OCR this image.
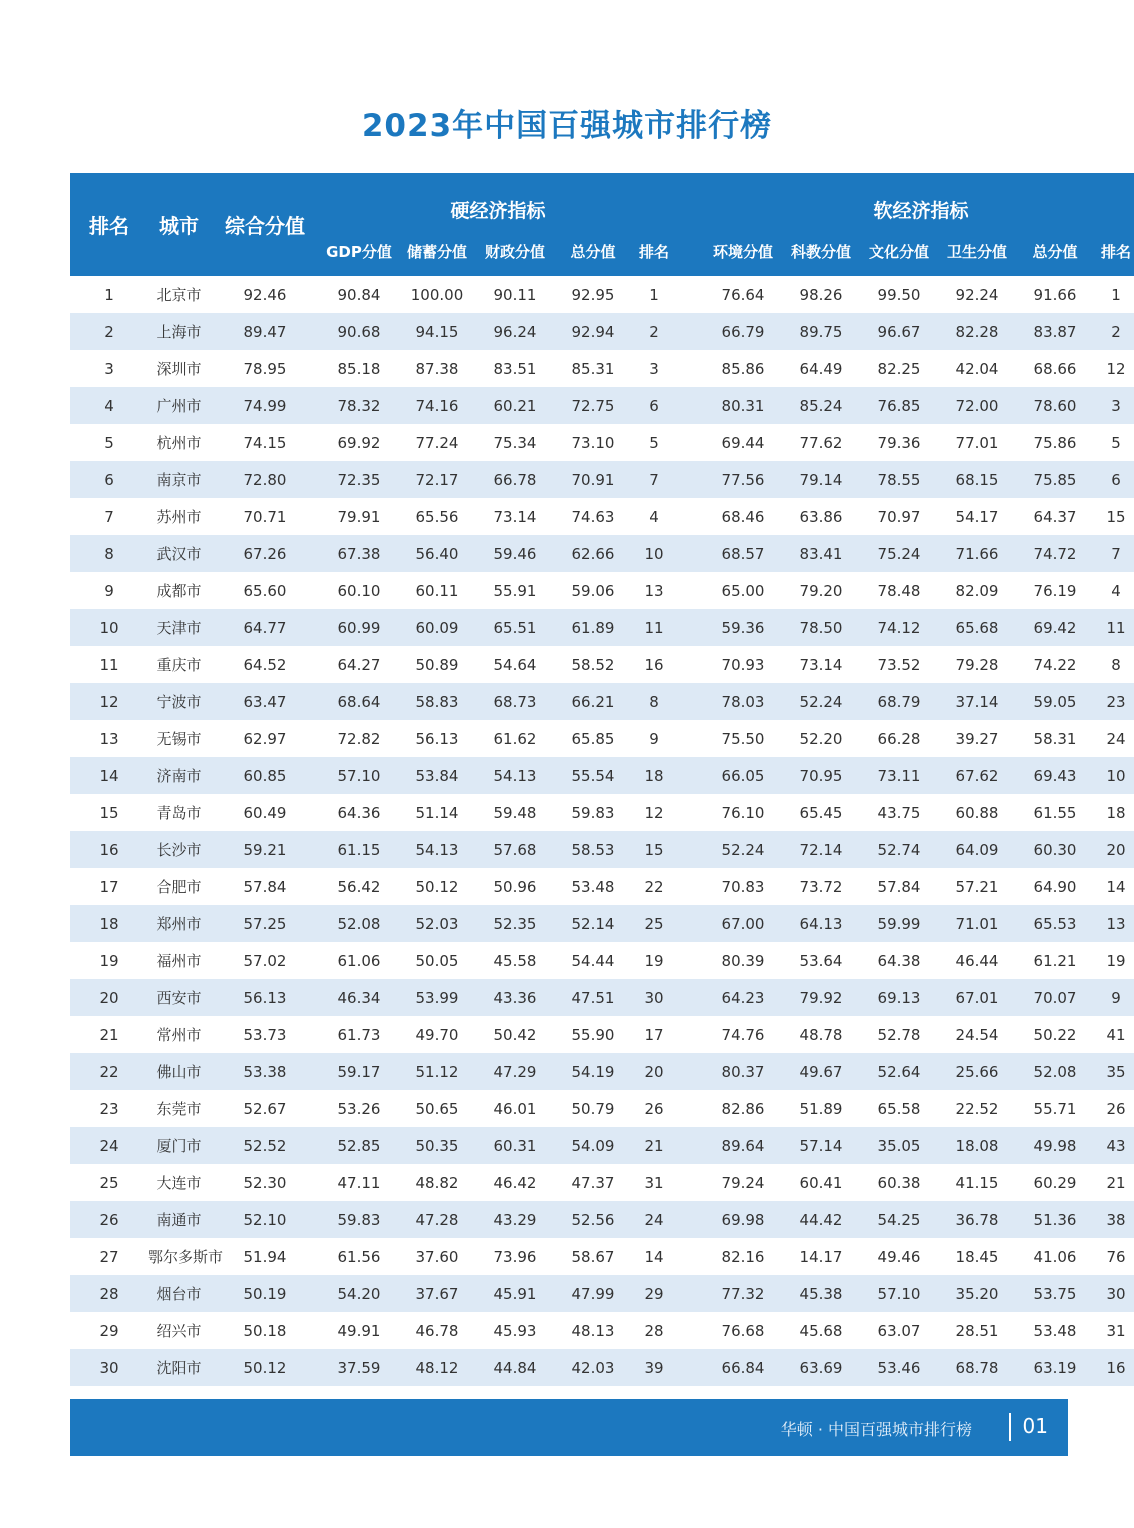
2023年中国百强城市排行榜
排名	城市	综合分值	硬经济指标						软经济指标					
			GDP分值	储蓄分值	财政分值	总分值	排名		环境分值	科教分值	文化分值	卫生分值	总分值	排名
1	北京市	92.46	90.84	100.00	90.11	92.95	1		76.64	98.26	99.50	92.24	91.66	1
2	上海市	89.47	90.68	94.15	96.24	92.94	2		66.79	89.75	96.67	82.28	83.87	2
3	深圳市	78.95	85.18	87.38	83.51	85.31	3		85.86	64.49	82.25	42.04	68.66	12
4	广州市	74.99	78.32	74.16	60.21	72.75	6		80.31	85.24	76.85	72.00	78.60	3
5	杭州市	74.15	69.92	77.24	75.34	73.10	5		69.44	77.62	79.36	77.01	75.86	5
6	南京市	72.80	72.35	72.17	66.78	70.91	7		77.56	79.14	78.55	68.15	75.85	6
7	苏州市	70.71	79.91	65.56	73.14	74.63	4		68.46	63.86	70.97	54.17	64.37	15
8	武汉市	67.26	67.38	56.40	59.46	62.66	10		68.57	83.41	75.24	71.66	74.72	7
9	成都市	65.60	60.10	60.11	55.91	59.06	13		65.00	79.20	78.48	82.09	76.19	4
10	天津市	64.77	60.99	60.09	65.51	61.89	11		59.36	78.50	74.12	65.68	69.42	11
11	重庆市	64.52	64.27	50.89	54.64	58.52	16		70.93	73.14	73.52	79.28	74.22	8
12	宁波市	63.47	68.64	58.83	68.73	66.21	8		78.03	52.24	68.79	37.14	59.05	23
13	无锡市	62.97	72.82	56.13	61.62	65.85	9		75.50	52.20	66.28	39.27	58.31	24
14	济南市	60.85	57.10	53.84	54.13	55.54	18		66.05	70.95	73.11	67.62	69.43	10
15	青岛市	60.49	64.36	51.14	59.48	59.83	12		76.10	65.45	43.75	60.88	61.55	18
16	长沙市	59.21	61.15	54.13	57.68	58.53	15		52.24	72.14	52.74	64.09	60.30	20
17	合肥市	57.84	56.42	50.12	50.96	53.48	22		70.83	73.72	57.84	57.21	64.90	14
18	郑州市	57.25	52.08	52.03	52.35	52.14	25		67.00	64.13	59.99	71.01	65.53	13
19	福州市	57.02	61.06	50.05	45.58	54.44	19		80.39	53.64	64.38	46.44	61.21	19
20	西安市	56.13	46.34	53.99	43.36	47.51	30		64.23	79.92	69.13	67.01	70.07	9
21	常州市	53.73	61.73	49.70	50.42	55.90	17		74.76	48.78	52.78	24.54	50.22	41
22	佛山市	53.38	59.17	51.12	47.29	54.19	20		80.37	49.67	52.64	25.66	52.08	35
23	东莞市	52.67	53.26	50.65	46.01	50.79	26		82.86	51.89	65.58	22.52	55.71	26
24	厦门市	52.52	52.85	50.35	60.31	54.09	21		89.64	57.14	35.05	18.08	49.98	43
25	大连市	52.30	47.11	48.82	46.42	47.37	31		79.24	60.41	60.38	41.15	60.29	21
26	南通市	52.10	59.83	47.28	43.29	52.56	24		69.98	44.42	54.25	36.78	51.36	38
27	鄂尔多斯市	51.94	61.56	37.60	73.96	58.67	14		82.16	14.17	49.46	18.45	41.06	76
28	烟台市	50.19	54.20	37.67	45.91	47.99	29		77.32	45.38	57.10	35.20	53.75	30
29	绍兴市	50.18	49.91	46.78	45.93	48.13	28		76.68	45.68	63.07	28.51	53.48	31
30	沈阳市	50.12	37.59	48.12	44.84	42.03	39		66.84	63.69	53.46	68.78	63.19	16
华顿 · 中国百强城市排行榜	01
